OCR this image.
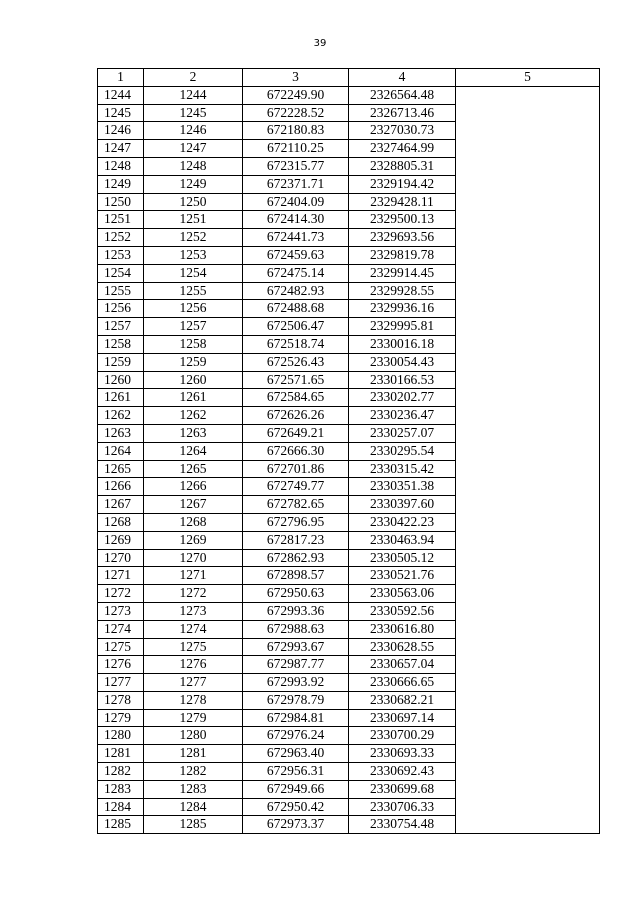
39
1	2	3	4	5
1244	1244	672249.90	2326564.48	
1245	1245	672228.52	2326713.46	
1246	1246	672180.83	2327030.73	
1247	1247	672110.25	2327464.99	
1248	1248	672315.77	2328805.31	
1249	1249	672371.71	2329194.42	
1250	1250	672404.09	2329428.11	
1251	1251	672414.30	2329500.13	
1252	1252	672441.73	2329693.56	
1253	1253	672459.63	2329819.78	
1254	1254	672475.14	2329914.45	
1255	1255	672482.93	2329928.55	
1256	1256	672488.68	2329936.16	
1257	1257	672506.47	2329995.81	
1258	1258	672518.74	2330016.18	
1259	1259	672526.43	2330054.43	
1260	1260	672571.65	2330166.53	
1261	1261	672584.65	2330202.77	
1262	1262	672626.26	2330236.47	
1263	1263	672649.21	2330257.07	
1264	1264	672666.30	2330295.54	
1265	1265	672701.86	2330315.42	
1266	1266	672749.77	2330351.38	
1267	1267	672782.65	2330397.60	
1268	1268	672796.95	2330422.23	
1269	1269	672817.23	2330463.94	
1270	1270	672862.93	2330505.12	
1271	1271	672898.57	2330521.76	
1272	1272	672950.63	2330563.06	
1273	1273	672993.36	2330592.56	
1274	1274	672988.63	2330616.80	
1275	1275	672993.67	2330628.55	
1276	1276	672987.77	2330657.04	
1277	1277	672993.92	2330666.65	
1278	1278	672978.79	2330682.21	
1279	1279	672984.81	2330697.14	
1280	1280	672976.24	2330700.29	
1281	1281	672963.40	2330693.33	
1282	1282	672956.31	2330692.43	
1283	1283	672949.66	2330699.68	
1284	1284	672950.42	2330706.33	
1285	1285	672973.37	2330754.48	
